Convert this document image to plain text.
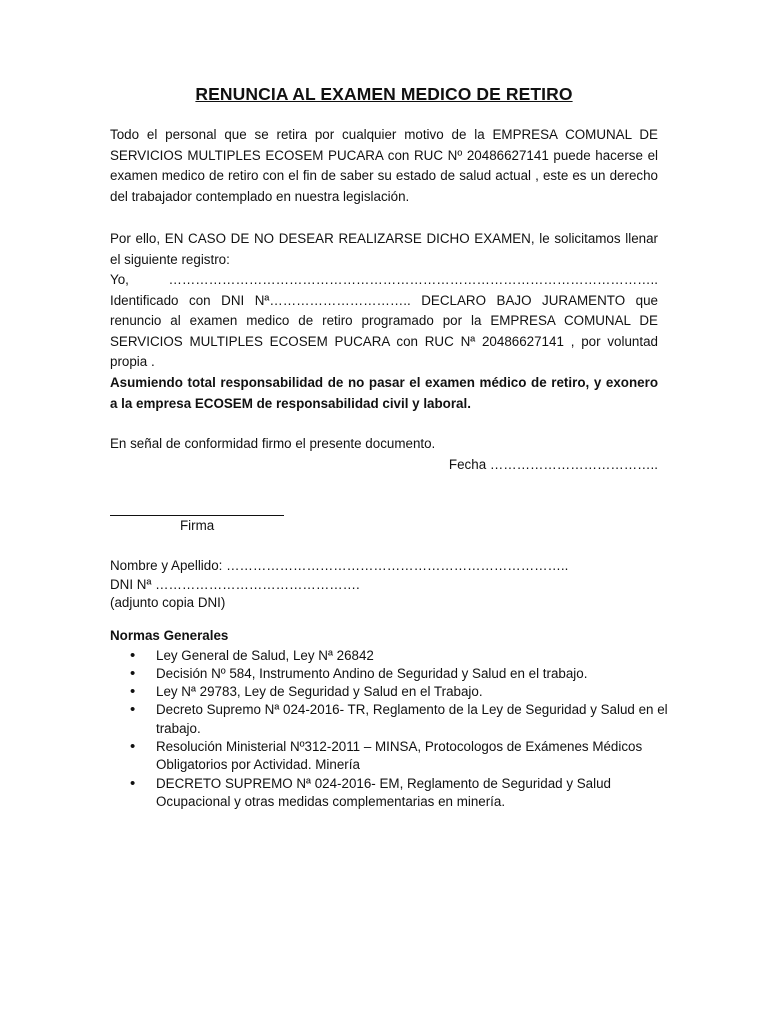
RENUNCIA AL EXAMEN MEDICO DE RETIRO

Todo el personal que se retira por cualquier motivo de la EMPRESA COMUNAL DE SERVICIOS MULTIPLES ECOSEM PUCARA con RUC Nº 20486627141 puede hacerse el examen medico de retiro con el fin de saber su estado de salud actual , este es un derecho del trabajador contemplado en nuestra legislación.

Por ello, EN CASO DE NO DESEAR REALIZARSE DICHO EXAMEN, le solicitamos llenar el siguiente registro:

Yo, ……………………………………………………………………………………………….. Identificado con DNI Nª………………………….. DECLARO BAJO JURAMENTO que renuncio al examen medico de retiro programado por la EMPRESA COMUNAL DE SERVICIOS MULTIPLES ECOSEM PUCARA con RUC Nª 20486627141 , por voluntad propia .

Asumiendo total responsabilidad de no pasar el examen médico de retiro, y exonero a la empresa ECOSEM de responsabilidad civil y laboral.

En señal de conformidad firmo el presente documento.

Fecha ………………………………..

Firma

Nombre y Apellido: …………………………………………………………………..

DNI Nª ……………………………………….

(adjunto copia DNI)

Normas Generales

• Ley General de Salud, Ley Nª 26842
• Decisión Nº 584, Instrumento Andino de Seguridad y Salud en el trabajo.
• Ley Nª 29783, Ley de Seguridad y Salud en el Trabajo.
• Decreto Supremo Nª 024-2016- TR, Reglamento de la Ley de Seguridad y Salud en el trabajo.
• Resolución Ministerial Nº312-2011 – MINSA, Protocologos de Exámenes Médicos Obligatorios por Actividad. Minería
• DECRETO SUPREMO Nª 024-2016- EM, Reglamento de Seguridad y Salud Ocupacional y otras medidas complementarias en minería.
